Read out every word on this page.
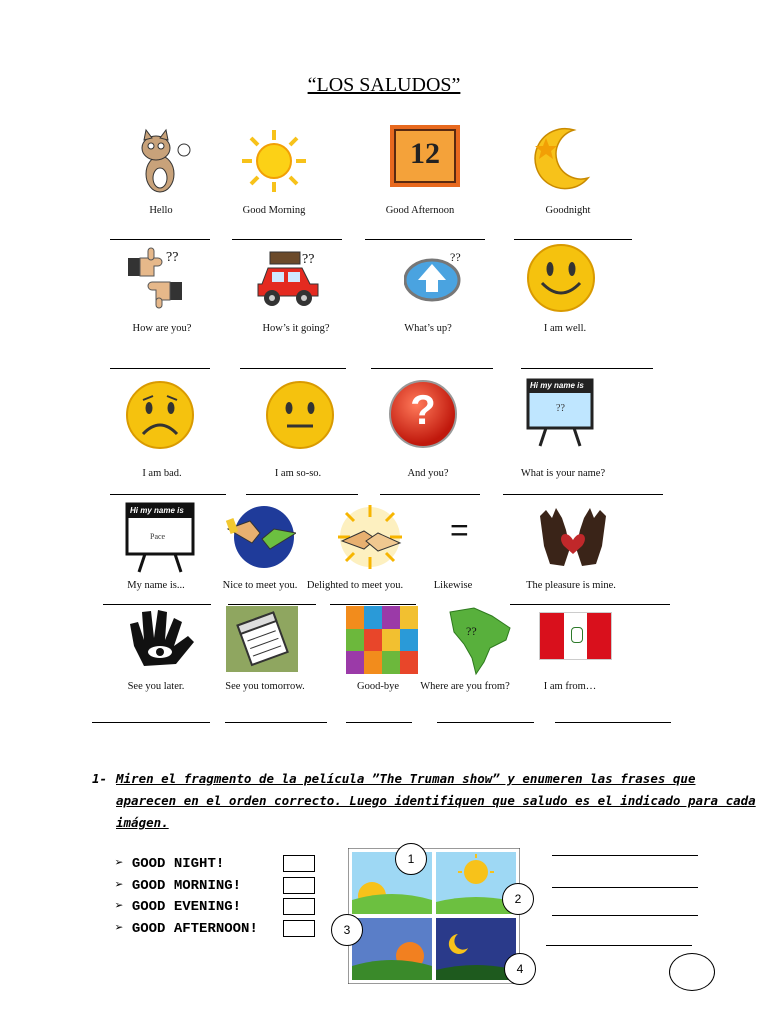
“LOS SALUDOS”
12
Hello	Good Morning	Good Afternoon	Goodnight
??	??	??
How are you?	How’s it going?	What’s up?	I am well.
?
Hi my name is
??
I am bad.	I am so-so.	And you?	What is your name?
Hi my name is
Pace	=
My name is...	Nice to meet you. Delighted to meet you.	Likewise	The pleasure is mine.
??
See you later.	See you tomorrow.	Good-bye Where are you from?	I am from…
1- Miren el fragmento de la película ”The Truman show” y enumeren las frases que
aparecen en el orden correcto. Luego identifiquen que saludo es el indicado para cada
imágen.
➢ GOOD NIGHT!
➢ GOOD MORNING!
➢ GOOD EVENING!
➢ GOOD AFTERNOON!
1
2
3
4
